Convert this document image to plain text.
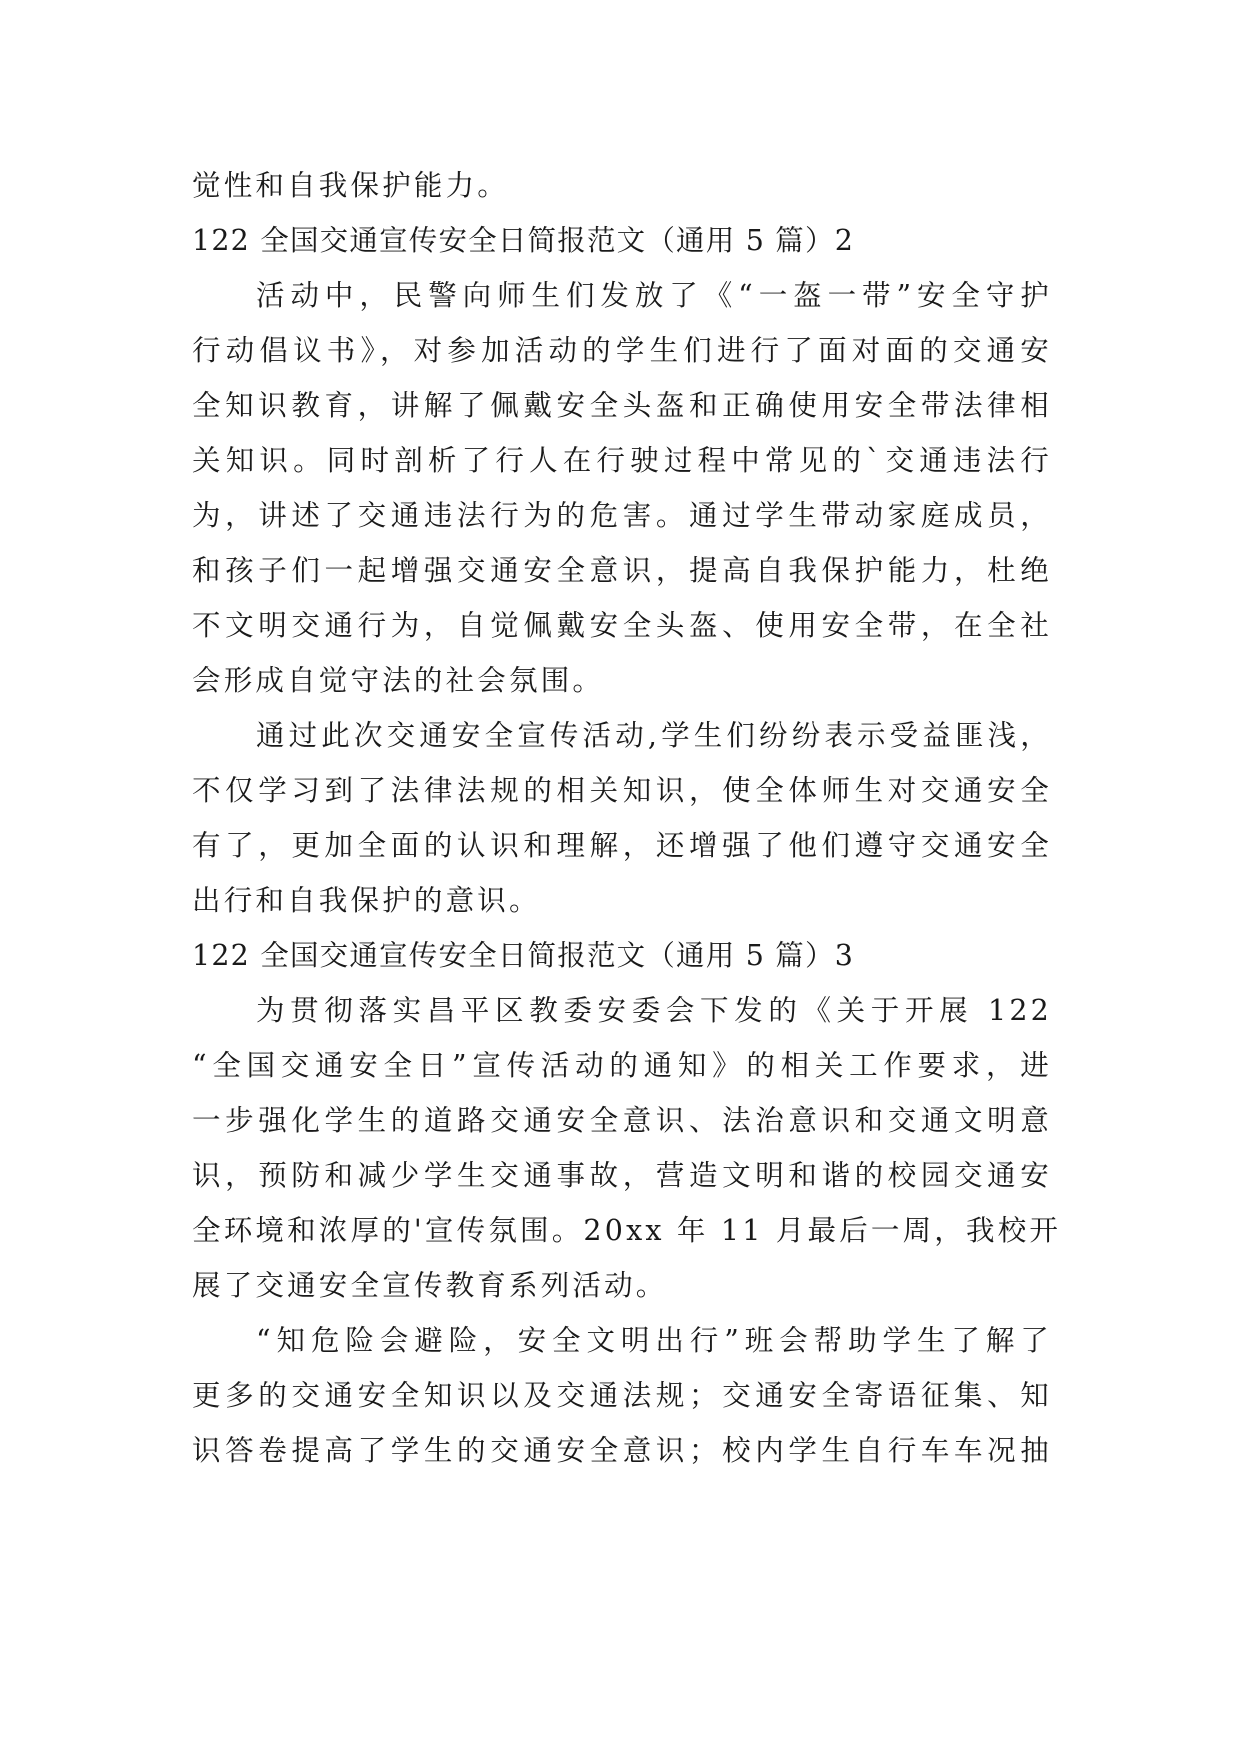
觉性和自我保护能力。
122 全国交通宣传安全日简报范文（通用 5 篇）2
活动中，民警向师生们发放了《“一盔一带”安全守护
行动倡议书》，对参加活动的学生们进行了面对面的交通安
全知识教育，讲解了佩戴安全头盔和正确使用安全带法律相
关知识。同时剖析了行人在行驶过程中常见的`交通违法行
为，讲述了交通违法行为的危害。通过学生带动家庭成员，
和孩子们一起增强交通安全意识，提高自我保护能力，杜绝
不文明交通行为，自觉佩戴安全头盔、使用安全带，在全社
会形成自觉守法的社会氛围。
通过此次交通安全宣传活动,学生们纷纷表示受益匪浅，
不仅学习到了法律法规的相关知识，使全体师生对交通安全
有了，更加全面的认识和理解，还增强了他们遵守交通安全
出行和自我保护的意识。
122 全国交通宣传安全日简报范文（通用 5 篇）3
为贯彻落实昌平区教委安委会下发的《关于开展 122
“全国交通安全日”宣传活动的通知》的相关工作要求，进
一步强化学生的道路交通安全意识、法治意识和交通文明意
识，预防和减少学生交通事故，营造文明和谐的校园交通安
全环境和浓厚的'宣传氛围。20xx 年 11 月最后一周，我校开
展了交通安全宣传教育系列活动。
“知危险会避险，安全文明出行”班会帮助学生了解了
更多的交通安全知识以及交通法规；交通安全寄语征集、知
识答卷提高了学生的交通安全意识；校内学生自行车车况抽
